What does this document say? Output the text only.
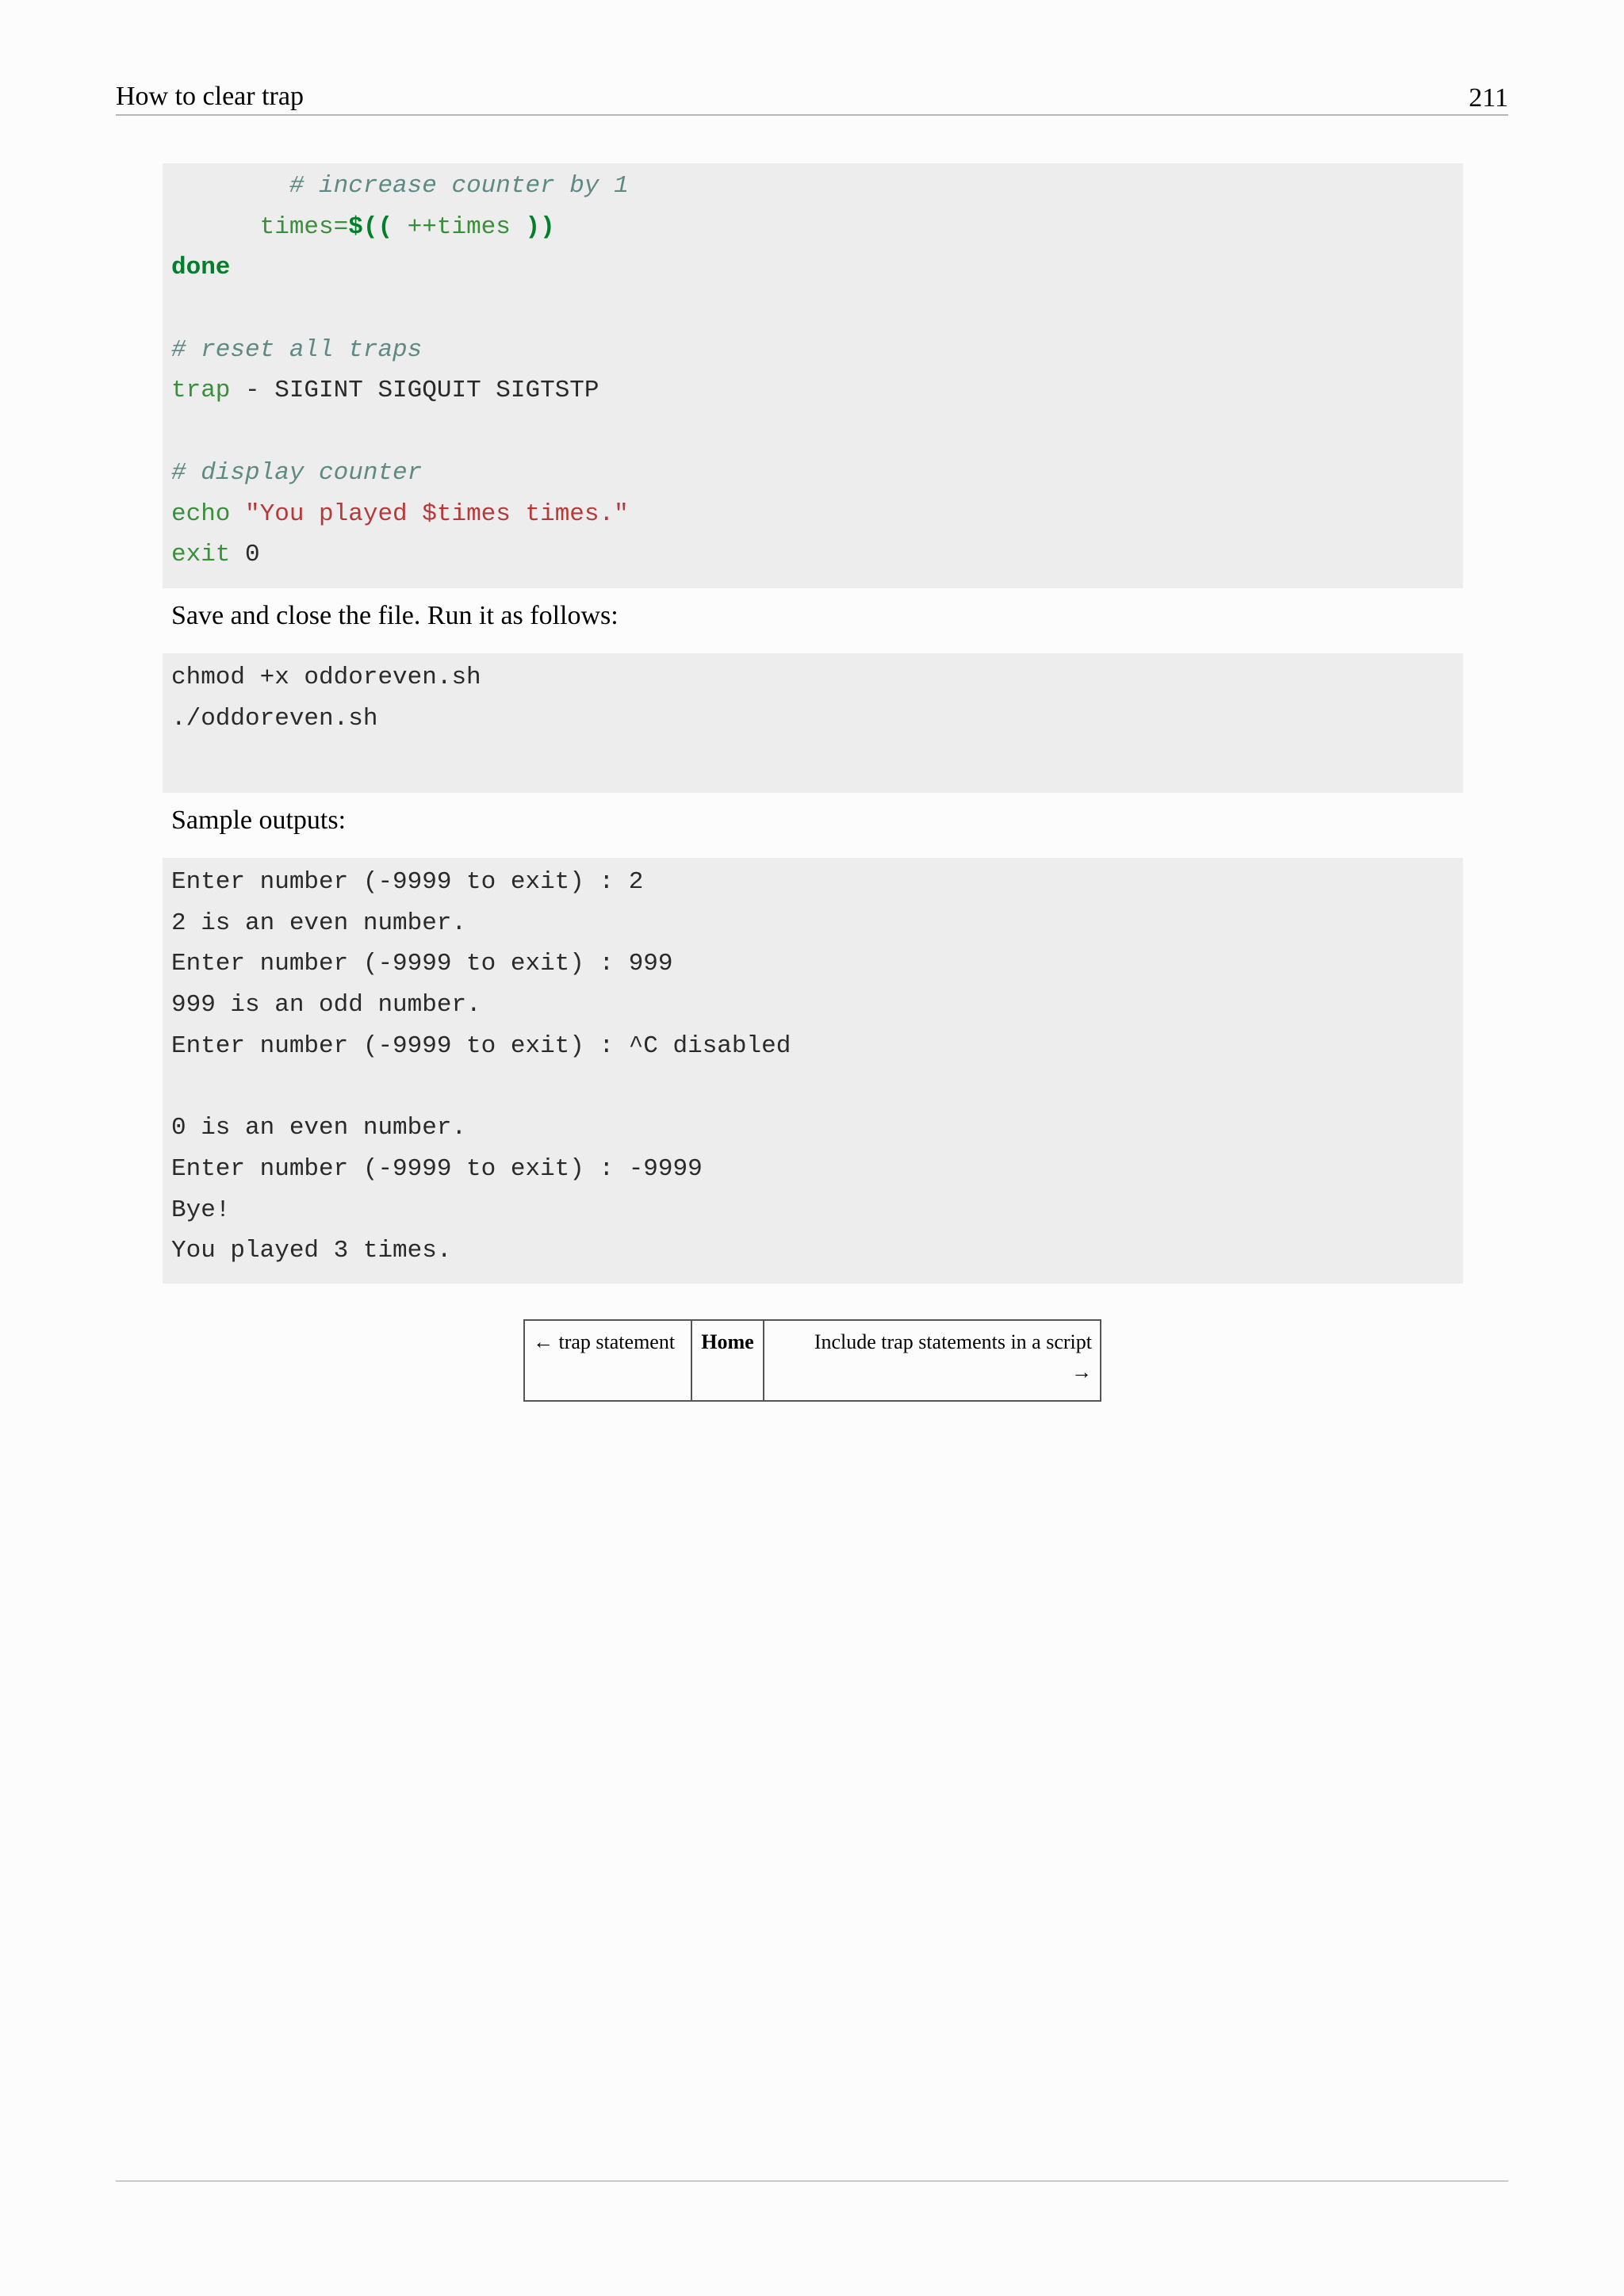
How to clear trap	211
# increase counter by 1
times=$(( ++times ))
done

# reset all traps
trap - SIGINT SIGQUIT SIGTSTP

# display counter
echo "You played $times times."
exit 0
Save and close the file. Run it as follows:
chmod +x oddoreven.sh
./oddoreven.sh
Sample outputs:
Enter number (-9999 to exit) : 2
2 is an even number.
Enter number (-9999 to exit) : 999
999 is an odd number.
Enter number (-9999 to exit) : ^C disabled
0 is an even number.
Enter number (-9999 to exit) : -9999
Bye!
You played 3 times.
← trap statement	Home	Include trap statements in a script
→
